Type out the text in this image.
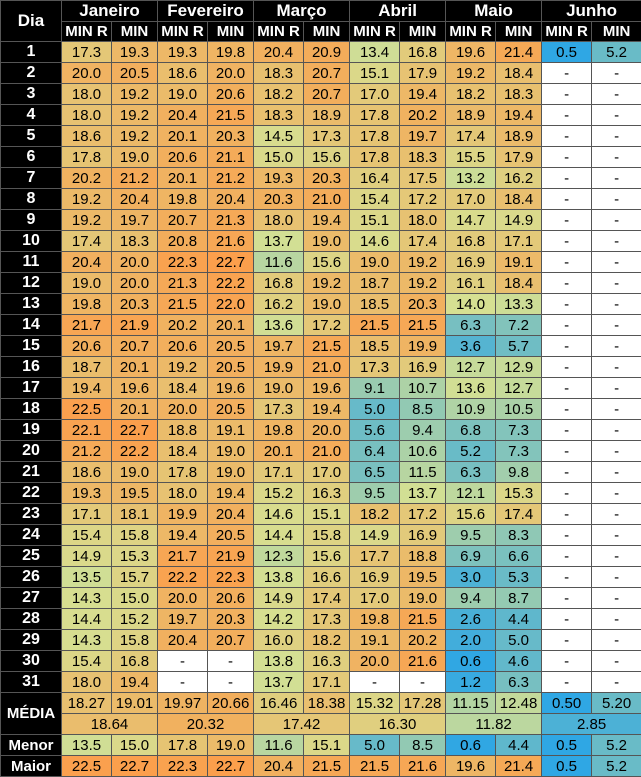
Dia	Janeiro		Fevereiro		Março		Abril		Maio		Junho	
	MIN R	MIN	MIN R	MIN	MIN R	MIN	MIN R	MIN	MIN R	MIN	MIN R	MIN
1	17.3	19.3	19.3	19.8	20.4	20.9	13.4	16.8	19.6	21.4	0.5	5.2
2	20.0	20.5	18.6	20.0	18.3	20.7	15.1	17.9	19.2	18.4	-	-
3	18.0	19.2	19.0	20.6	18.2	20.7	17.0	19.4	18.2	18.3	-	-
4	18.0	19.2	20.4	21.5	18.3	18.9	17.8	20.2	18.9	19.4	-	-
5	18.6	19.2	20.1	20.3	14.5	17.3	17.8	19.7	17.4	18.9	-	-
6	17.8	19.0	20.6	21.1	15.0	15.6	17.8	18.3	15.5	17.9	-	-
7	20.2	21.2	20.1	21.2	19.3	20.3	16.4	17.5	13.2	16.2	-	-
8	19.2	20.4	19.8	20.4	20.3	21.0	15.4	17.2	17.0	18.4	-	-
9	19.2	19.7	20.7	21.3	18.0	19.4	15.1	18.0	14.7	14.9	-	-
10	17.4	18.3	20.8	21.6	13.7	19.0	14.6	17.4	16.8	17.1	-	-
11	20.4	20.0	22.3	22.7	11.6	15.6	19.0	19.2	16.9	19.1	-	-
12	19.0	20.0	21.3	22.2	16.8	19.2	18.7	19.2	16.1	18.4	-	-
13	19.8	20.3	21.5	22.0	16.2	19.0	18.5	20.3	14.0	13.3	-	-
14	21.7	21.9	20.2	20.1	13.6	17.2	21.5	21.5	6.3	7.2	-	-
15	20.6	20.7	20.6	20.5	19.7	21.5	18.5	19.9	3.6	5.7	-	-
16	18.7	20.1	19.2	20.5	19.9	21.0	17.3	16.9	12.7	12.9	-	-
17	19.4	19.6	18.4	19.6	19.0	19.6	9.1	10.7	13.6	12.7	-	-
18	22.5	20.1	20.0	20.5	17.3	19.4	5.0	8.5	10.9	10.5	-	-
19	22.1	22.7	18.8	19.1	19.8	20.0	5.6	9.4	6.8	7.3	-	-
20	21.2	22.2	18.4	19.0	20.1	21.0	6.4	10.6	5.2	7.3	-	-
21	18.6	19.0	17.8	19.0	17.1	17.0	6.5	11.5	6.3	9.8	-	-
22	19.3	19.5	18.0	19.4	15.2	16.3	9.5	13.7	12.1	15.3	-	-
23	17.1	18.1	19.9	20.4	14.6	15.1	18.2	17.2	15.6	17.4	-	-
24	15.4	15.8	19.4	20.5	14.4	15.8	14.9	16.9	9.5	8.3	-	-
25	14.9	15.3	21.7	21.9	12.3	15.6	17.7	18.8	6.9	6.6	-	-
26	13.5	15.7	22.2	22.3	13.8	16.6	16.9	19.5	3.0	5.3	-	-
27	14.3	15.0	20.0	20.6	14.9	17.4	17.0	19.0	9.4	8.7	-	-
28	14.4	15.2	19.7	20.3	14.2	17.3	19.8	21.5	2.6	4.4	-	-
29	14.3	15.8	20.4	20.7	16.0	18.2	19.1	20.2	2.0	5.0	-	-
30	15.4	16.8	-	-	13.8	16.3	20.0	21.6	0.6	4.6	-	-
31	18.0	19.4	-	-	13.7	17.1	-	-	1.2	6.3	-	-
MÉDIA	18.27	19.01	19.97	20.66	16.46	18.38	15.32	17.28	11.15	12.48	0.50	5.20
	18.64		20.32		17.42		16.30		11.82		2.85	
Menor	13.5	15.0	17.8	19.0	11.6	15.1	5.0	8.5	0.6	4.4	0.5	5.2
Maior	22.5	22.7	22.3	22.7	20.4	21.5	21.5	21.6	19.6	21.4	0.5	5.2
